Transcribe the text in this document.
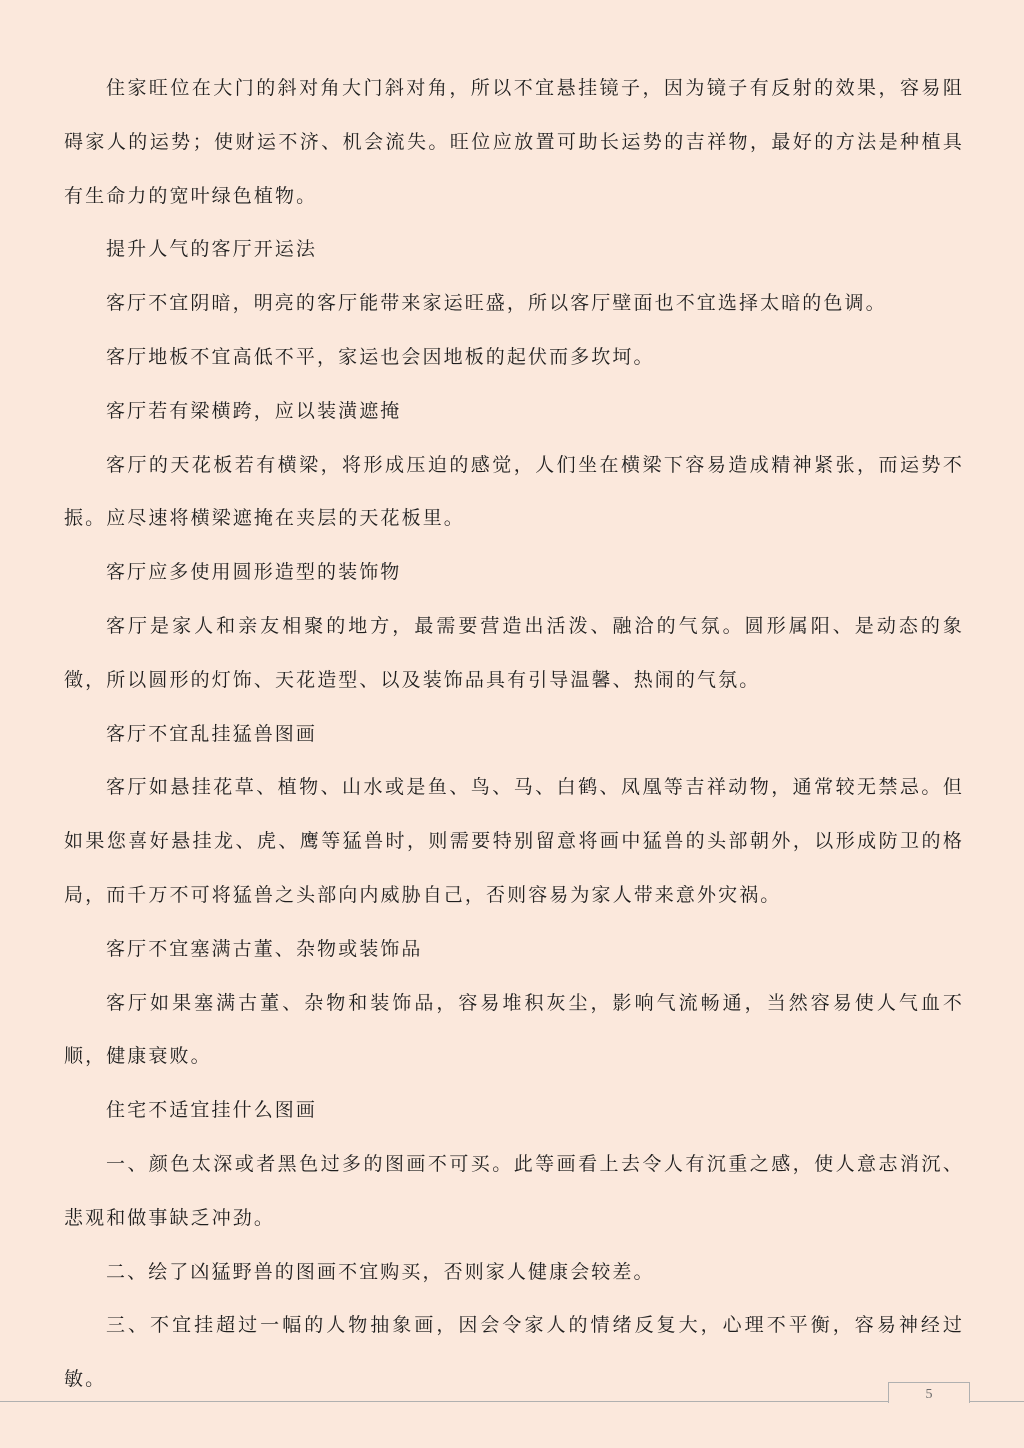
住家旺位在大门的斜对角大门斜对角，所以不宜悬挂镜子，因为镜子有反射的效果，容易阻碍家人的运势；使财运不济、机会流失。旺位应放置可助长运势的吉祥物，最好的方法是种植具有生命力的宽叶绿色植物。

提升人气的客厅开运法

客厅不宜阴暗，明亮的客厅能带来家运旺盛，所以客厅壁面也不宜选择太暗的色调。

客厅地板不宜高低不平，家运也会因地板的起伏而多坎坷。

客厅若有梁横跨，应以装潢遮掩

客厅的天花板若有横梁，将形成压迫的感觉，人们坐在横梁下容易造成精神紧张，而运势不振。应尽速将横梁遮掩在夹层的天花板里。

客厅应多使用圆形造型的装饰物

客厅是家人和亲友相聚的地方，最需要营造出活泼、融洽的气氛。圆形属阳、是动态的象徵，所以圆形的灯饰、天花造型、以及装饰品具有引导温馨、热闹的气氛。

客厅不宜乱挂猛兽图画

客厅如悬挂花草、植物、山水或是鱼、鸟、马、白鹤、凤凰等吉祥动物，通常较无禁忌。但如果您喜好悬挂龙、虎、鹰等猛兽时，则需要特别留意将画中猛兽的头部朝外，以形成防卫的格局，而千万不可将猛兽之头部向内威胁自己，否则容易为家人带来意外灾祸。

客厅不宜塞满古董、杂物或装饰品

客厅如果塞满古董、杂物和装饰品，容易堆积灰尘，影响气流畅通，当然容易使人气血不顺，健康衰败。

住宅不适宜挂什么图画

一、颜色太深或者黑色过多的图画不可买。此等画看上去令人有沉重之感，使人意志消沉、悲观和做事缺乏冲劲。

二、绘了凶猛野兽的图画不宜购买，否则家人健康会较差。

三、不宜挂超过一幅的人物抽象画，因会令家人的情绪反复大，心理不平衡，容易神经过敏。

5
